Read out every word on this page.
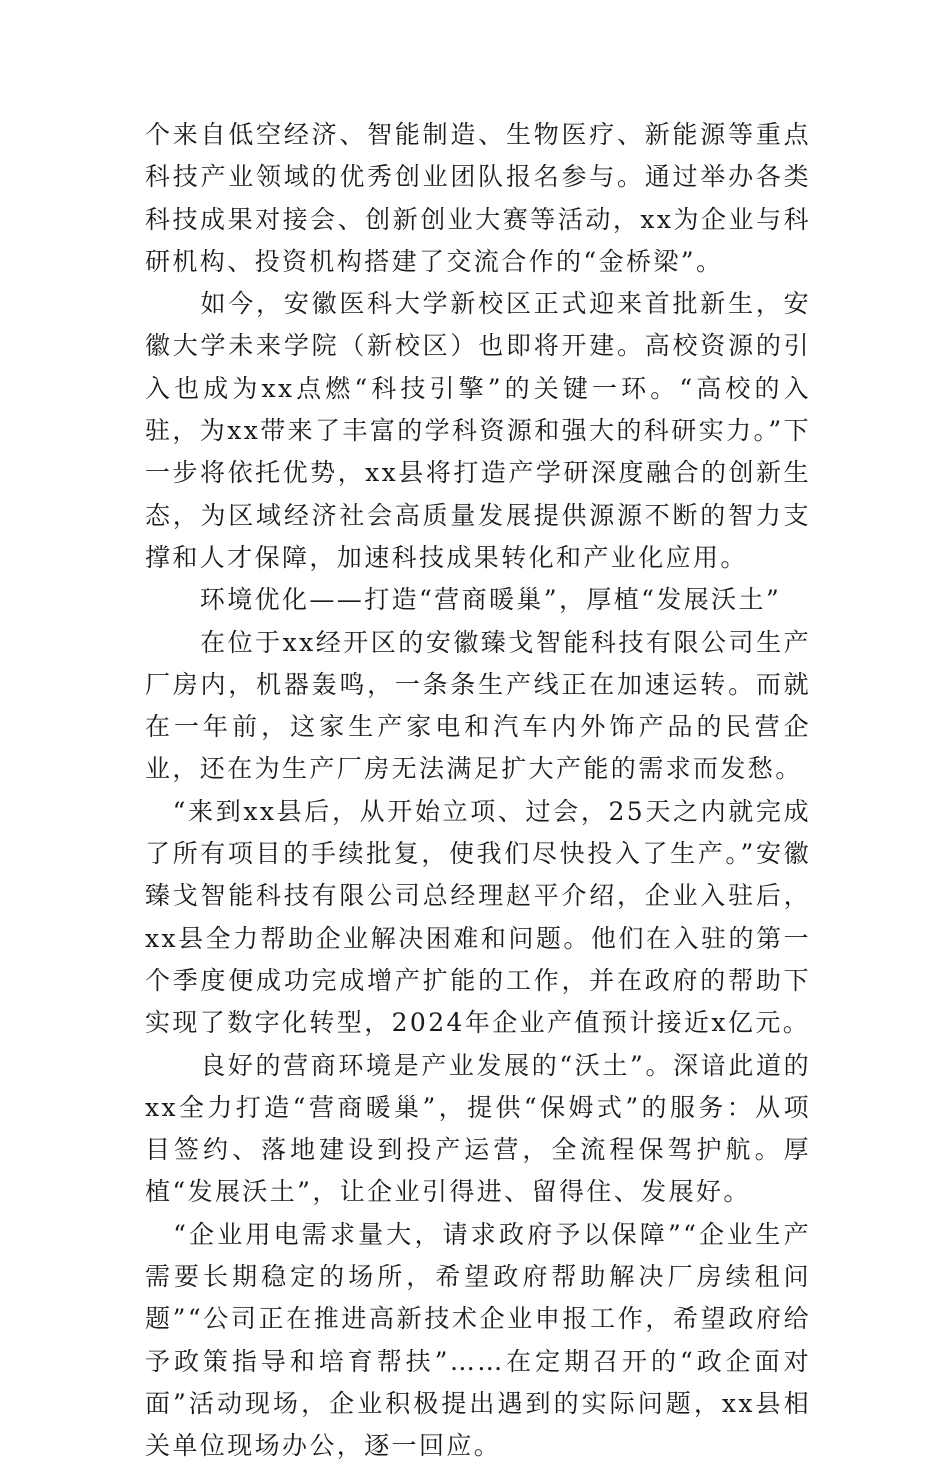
个来自低空经济、智能制造、生物医疗、新能源等重点科技产业领域的优秀创业团队报名参与。通过举办各类科技成果对接会、创新创业大赛等活动，xx为企业与科研机构、投资机构搭建了交流合作的“金桥梁”。

　　如今，安徽医科大学新校区正式迎来首批新生，安徽大学未来学院（新校区）也即将开建。高校资源的引入也成为xx点燃“科技引擎”的关键一环。“高校的入驻，为xx带来了丰富的学科资源和强大的科研实力。”下一步将依托优势，xx县将打造产学研深度融合的创新生态，为区域经济社会高质量发展提供源源不断的智力支撑和人才保障，加速科技成果转化和产业化应用。

　　环境优化——打造“营商暖巢”，厚植“发展沃土”

　　在位于xx经开区的安徽臻戈智能科技有限公司生产厂房内，机器轰鸣，一条条生产线正在加速运转。而就在一年前，这家生产家电和汽车内外饰产品的民营企业，还在为生产厂房无法满足扩大产能的需求而发愁。

　“来到xx县后，从开始立项、过会，25天之内就完成了所有项目的手续批复，使我们尽快投入了生产。”安徽臻戈智能科技有限公司总经理赵平介绍，企业入驻后，xx县全力帮助企业解决困难和问题。他们在入驻的第一个季度便成功完成增产扩能的工作，并在政府的帮助下实现了数字化转型，2024年企业产值预计接近x亿元。

　　良好的营商环境是产业发展的“沃土”。深谙此道的xx全力打造“营商暖巢”，提供“保姆式”的服务：从项目签约、落地建设到投产运营，全流程保驾护航。厚植“发展沃土”，让企业引得进、留得住、发展好。

　“企业用电需求量大，请求政府予以保障”“企业生产需要长期稳定的场所，希望政府帮助解决厂房续租问题”“公司正在推进高新技术企业申报工作，希望政府给予政策指导和培育帮扶”……在定期召开的“政企面对面”活动现场，企业积极提出遇到的实际问题，xx县相关单位现场办公，逐一回应。
